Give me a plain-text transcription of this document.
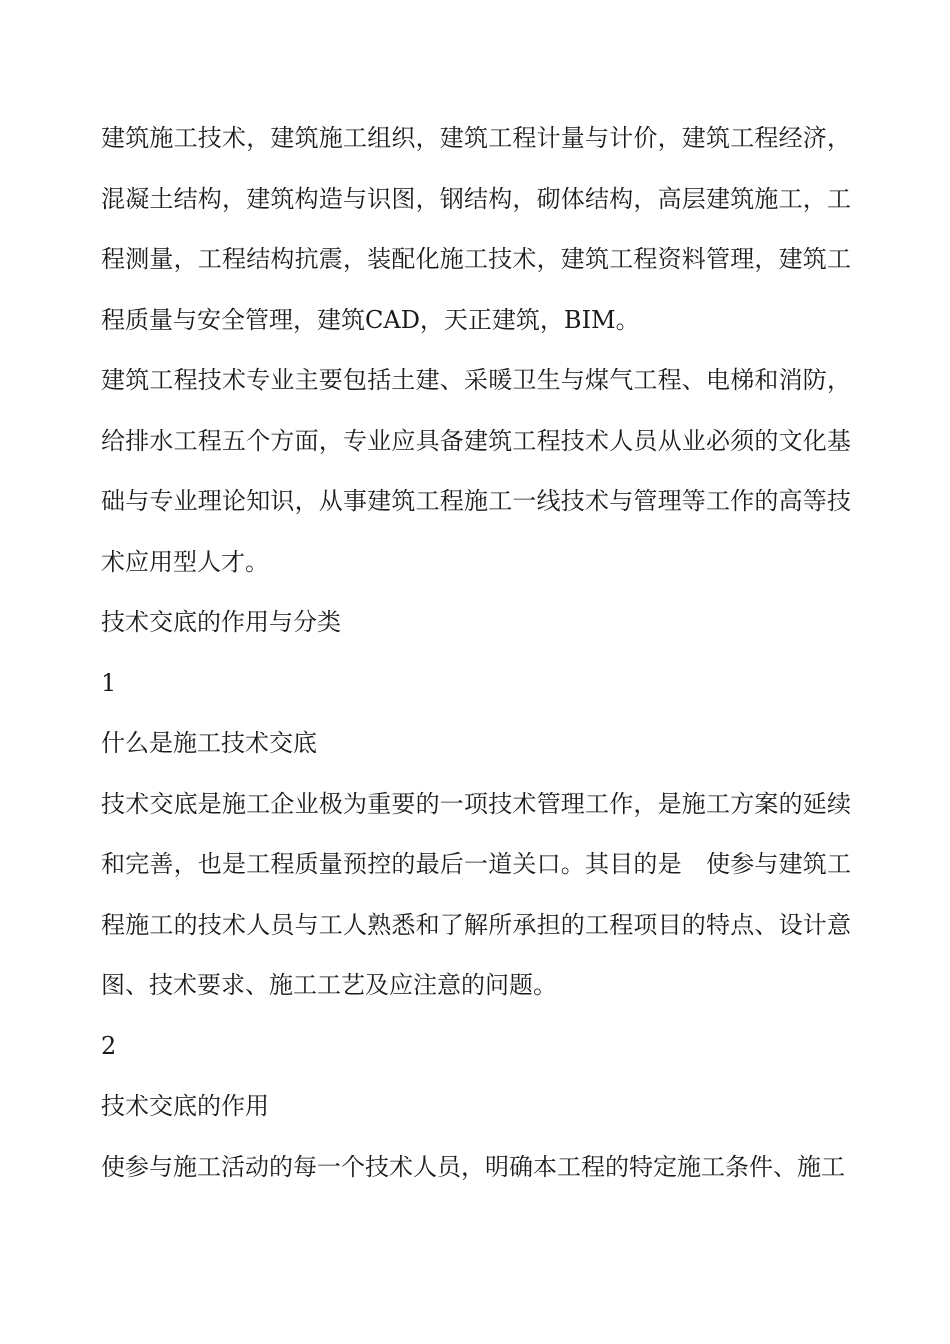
建筑施工技术，建筑施工组织，建筑工程计量与计价，建筑工程经济，混凝土结构，建筑构造与识图，钢结构，砌体结构，高层建筑施工，工程测量，工程结构抗震，装配化施工技术，建筑工程资料管理，建筑工程质量与安全管理，建筑CAD，天正建筑，BIM。

建筑工程技术专业主要包括土建、采暖卫生与煤气工程、电梯和消防，给排水工程五个方面，专业应具备建筑工程技术人员从业必须的文化基础与专业理论知识，从事建筑工程施工一线技术与管理等工作的高等技术应用型人才。

技术交底的作用与分类

1

什么是施工技术交底

技术交底是施工企业极为重要的一项技术管理工作，是施工方案的延续和完善，也是工程质量预控的最后一道关口。其目的是　使参与建筑工程施工的技术人员与工人熟悉和了解所承担的工程项目的特点、设计意图、技术要求、施工工艺及应注意的问题。

2

技术交底的作用

使参与施工活动的每一个技术人员，明确本工程的特定施工条件、施工
